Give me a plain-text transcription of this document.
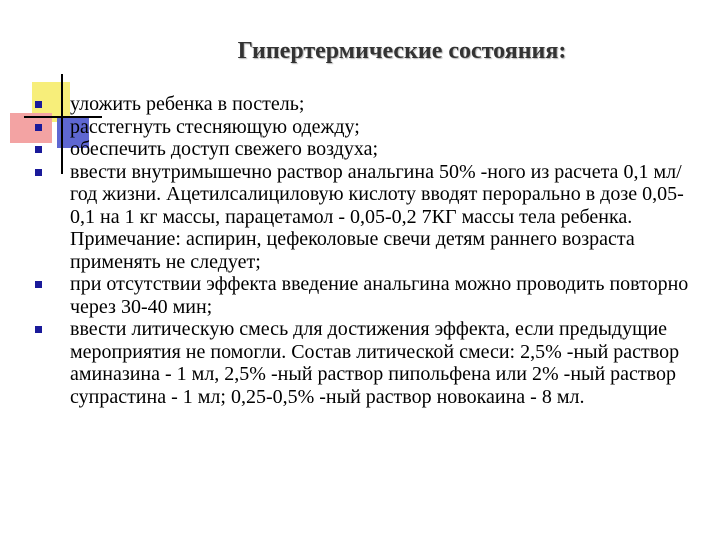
Гипертермические состояния:
уложить ребенка в постель;
расстегнуть стесняющую одежду;
обеспечить доступ свежего воздуха;
ввести внутримышечно раствор анальгина 50% -ного из расчета 0,1 мл/год жизни. Ацетилсалициловую кислоту вводят перорально в дозе 0,05-0,1 на 1 кг массы, парацетамол - 0,05-0,2 7КГ массы тела ребенка. Примечание: аспирин, цефеколовые свечи детям раннего возраста применять не следует;
при отсутствии эффекта введение анальгина можно проводить повторно через 30-40 мин;
ввести литическую смесь для достижения эффекта, если предыдущие мероприятия не помогли. Состав литической смеси: 2,5% -ный раствор аминазина - 1 мл, 2,5% -ный раствор пипольфена или 2% -ный раствор супрастина - 1 мл; 0,25-0,5% -ный раствор новокаина - 8 мл.
